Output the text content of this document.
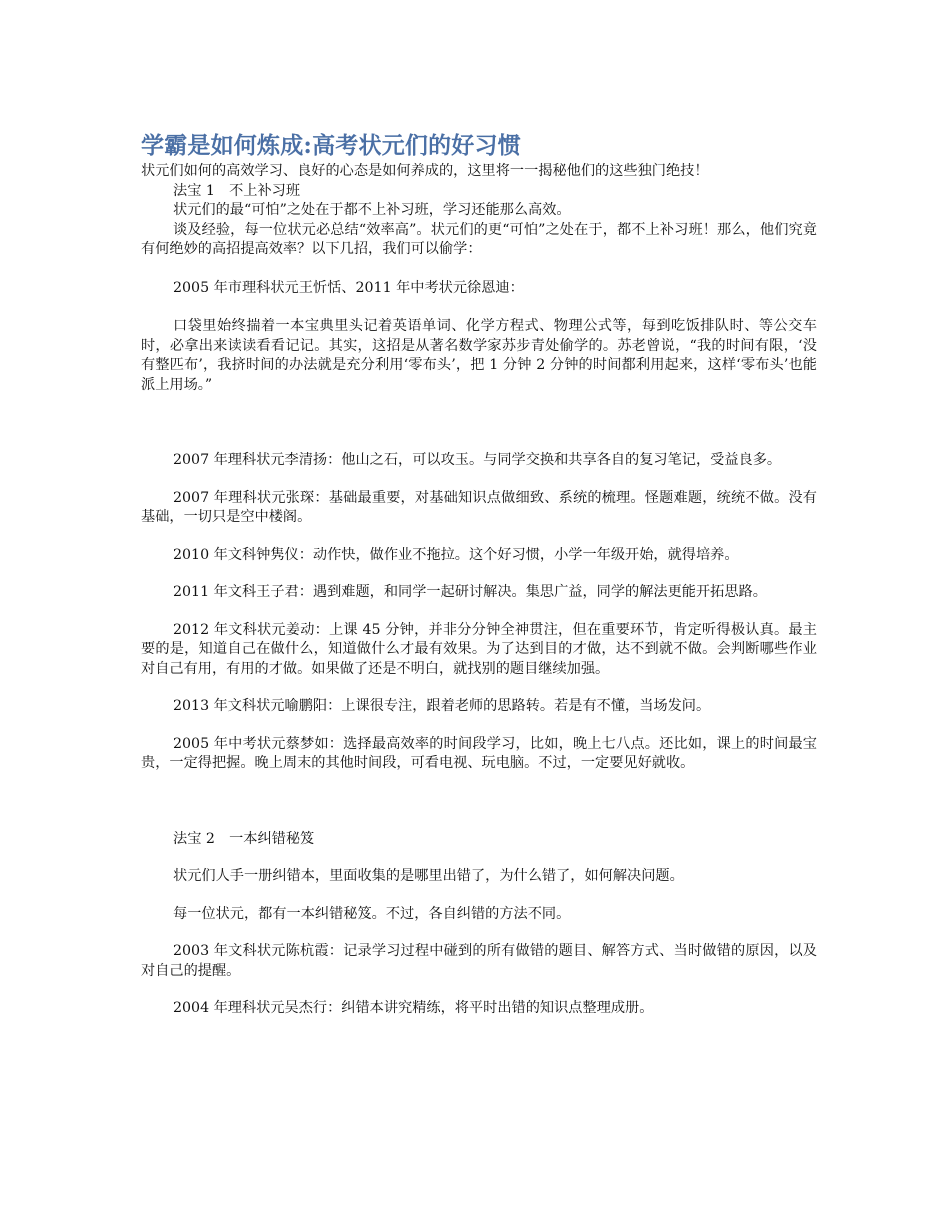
学霸是如何炼成:高考状元们的好习惯

状元们如何的高效学习、良好的心态是如何养成的，这里将一一揭秘他们的这些独门绝技！

法宝 1　不上补习班

状元们的最“可怕”之处在于都不上补习班，学习还能那么高效。

谈及经验，每一位状元必总结“效率高”。状元们的更“可怕”之处在于，都不上补习班！那么，他们究竟有何绝妙的高招提高效率？以下几招，我们可以偷学：

2005 年市理科状元王忻恬、2011 年中考状元徐恩迪：

口袋里始终揣着一本宝典里头记着英语单词、化学方程式、物理公式等，每到吃饭排队时、等公交车时，必拿出来读读看看记记。其实，这招是从著名数学家苏步青处偷学的。苏老曾说，“我的时间有限，‘没有整匹布’，我挤时间的办法就是充分利用‘零布头’，把 1 分钟 2 分钟的时间都利用起来，这样‘零布头’也能派上用场。”

2007 年理科状元李清扬：他山之石，可以攻玉。与同学交换和共享各自的复习笔记，受益良多。

2007 年理科状元张琛：基础最重要，对基础知识点做细致、系统的梳理。怪题难题，统统不做。没有基础，一切只是空中楼阁。

2010 年文科钟隽仪：动作快，做作业不拖拉。这个好习惯，小学一年级开始，就得培养。

2011 年文科王子君：遇到难题，和同学一起研讨解决。集思广益，同学的解法更能开拓思路。

2012 年文科状元姜动：上课 45 分钟，并非分分钟全神贯注，但在重要环节，肯定听得极认真。最主要的是，知道自己在做什么，知道做什么才最有效果。为了达到目的才做，达不到就不做。会判断哪些作业对自己有用，有用的才做。如果做了还是不明白，就找别的题目继续加强。

2013 年文科状元喻鹏阳：上课很专注，跟着老师的思路转。若是有不懂，当场发问。

2005 年中考状元蔡梦如：选择最高效率的时间段学习，比如，晚上七八点。还比如，课上的时间最宝贵，一定得把握。晚上周末的其他时间段，可看电视、玩电脑。不过，一定要见好就收。

法宝 2　一本纠错秘笈

状元们人手一册纠错本，里面收集的是哪里出错了，为什么错了，如何解决问题。

每一位状元，都有一本纠错秘笈。不过，各自纠错的方法不同。

2003 年文科状元陈杭霞：记录学习过程中碰到的所有做错的题目、解答方式、当时做错的原因，以及对自己的提醒。

2004 年理科状元吴杰行：纠错本讲究精练，将平时出错的知识点整理成册。
